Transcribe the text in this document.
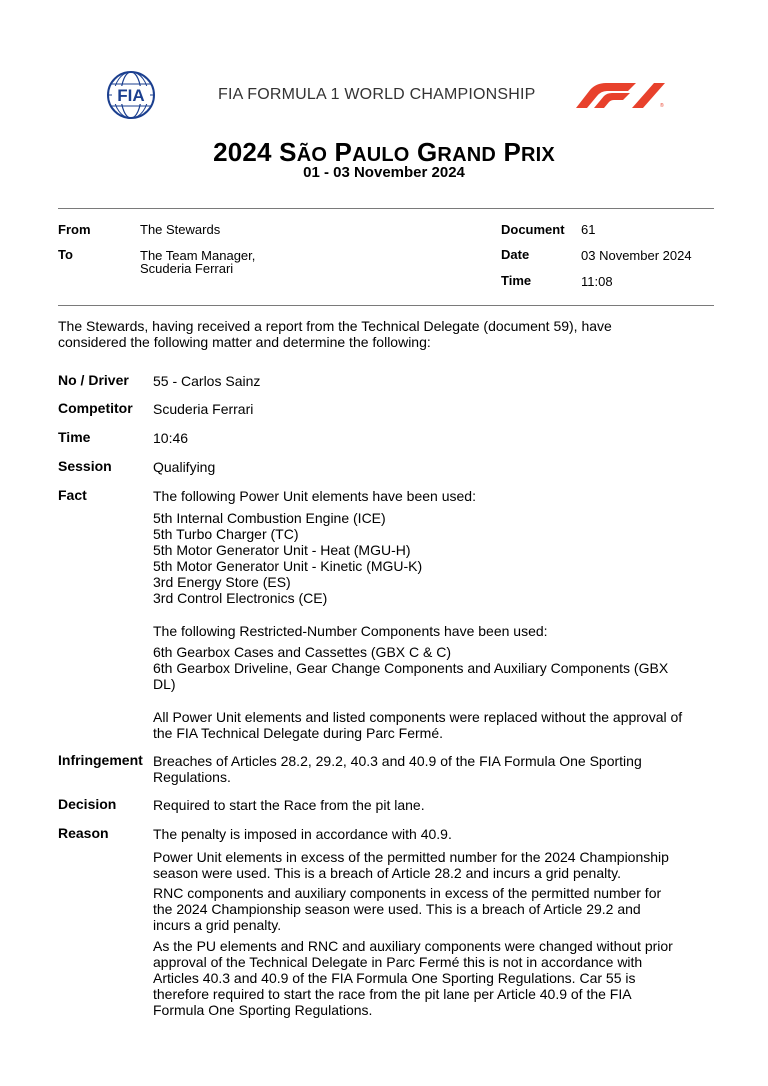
FIA	FIA FORMULA 1 WORLD CHAMPIONSHIP
®
F1
2024 SÃO PAULO GRAND PRIX
01 - 03 November 2024
From	The Stewards
To	The Team Manager,
Scuderia Ferrari
Document 61
Date	03 November 2024
Time	11:08
The Stewards, having received a report from the Technical Delegate (document 59), have
considered the following matter and determine the following:
No / Driver 55 - Carlos Sainz
Competitor Scuderia Ferrari
Time	10:46
Session	Qualifying
Fact	The following Power Unit elements have been used:
5th Internal Combustion Engine (ICE)
5th Turbo Charger (TC)
5th Motor Generator Unit - Heat (MGU-H)
5th Motor Generator Unit - Kinetic (MGU-K)
3rd Energy Store (ES)
3rd Control Electronics (CE)
The following Restricted-Number Components have been used:
6th Gearbox Cases and Cassettes (GBX C & C)
6th Gearbox Driveline, Gear Change Components and Auxiliary Components (GBX
DL)
All Power Unit elements and listed components were replaced without the approval of
the FIA Technical Delegate during Parc Fermé.
Infringement Breaches of Articles 28.2, 29.2, 40.3 and 40.9 of the FIA Formula One Sporting
Regulations.
Decision	Required to start the Race from the pit lane.
Reason	The penalty is imposed in accordance with 40.9.
Power Unit elements in excess of the permitted number for the 2024 Championship
season were used. This is a breach of Article 28.2 and incurs a grid penalty.
RNC components and auxiliary components in excess of the permitted number for
the 2024 Championship season were used. This is a breach of Article 29.2 and
incurs a grid penalty.
As the PU elements and RNC and auxiliary components were changed without prior
approval of the Technical Delegate in Parc Fermé this is not in accordance with
Articles 40.3 and 40.9 of the FIA Formula One Sporting Regulations. Car 55 is
therefore required to start the race from the pit lane per Article 40.9 of the FIA
Formula One Sporting Regulations.
